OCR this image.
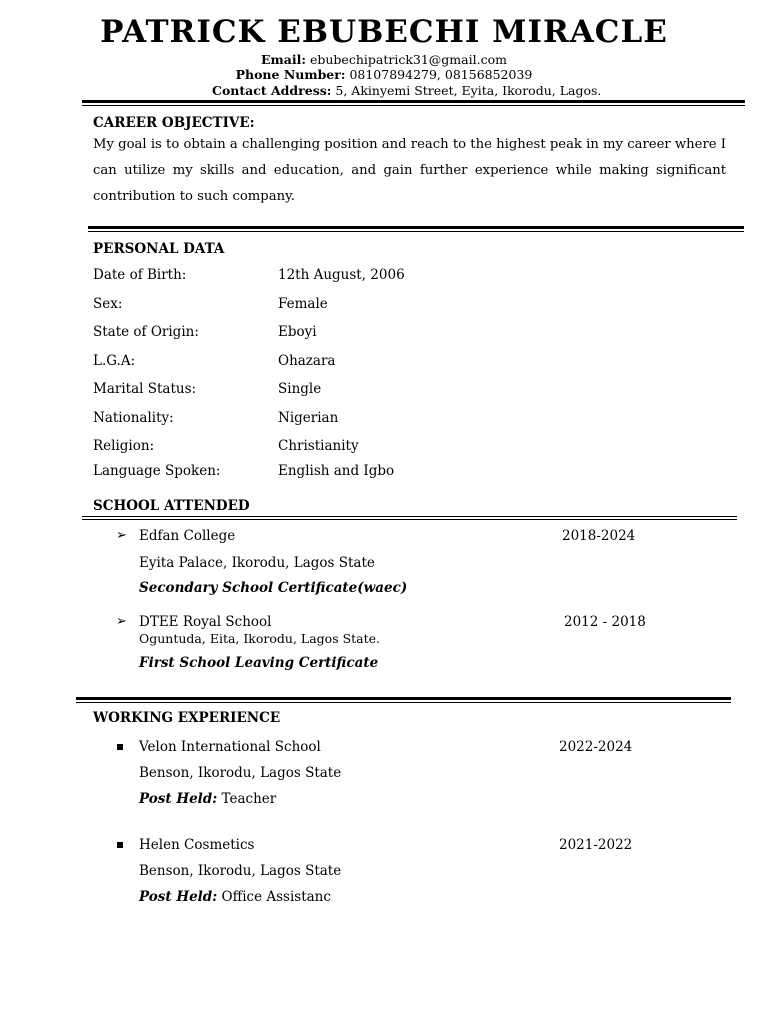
PATRICK EBUBECHI MIRACLE
Email: ebubechipatrick31@gmail.com
Phone Number: 08107894279, 08156852039
Contact Address: 5, Akinyemi Street, Eyita, Ikorodu, Lagos.
CAREER OBJECTIVE:
My goal is to obtain a challenging position and reach to the highest peak in my career where I can utilize my skills and education, and gain further experience while making significant contribution to such company.
PERSONAL DATA
Date of Birth:	12th August, 2006
Sex:	Female
State of Origin:	Eboyi
L.G.A:	Ohazara
Marital Status:	Single
Nationality:	Nigerian
Religion:	Christianity
Language Spoken:	English and Igbo
SCHOOL ATTENDED
➢ Edfan College	2018-2024
Eyita Palace, Ikorodu, Lagos State
Secondary School Certificate(waec)
➢ DTEE Royal School	2012 - 2018
Oguntuda, Eita, Ikorodu, Lagos State.
First School Leaving Certificate
WORKING EXPERIENCE
Velon International School	2022-2024
Benson, Ikorodu, Lagos State
Post Held: Teacher
Helen Cosmetics	2021-2022
Benson, Ikorodu, Lagos State
Post Held: Office Assistanc
